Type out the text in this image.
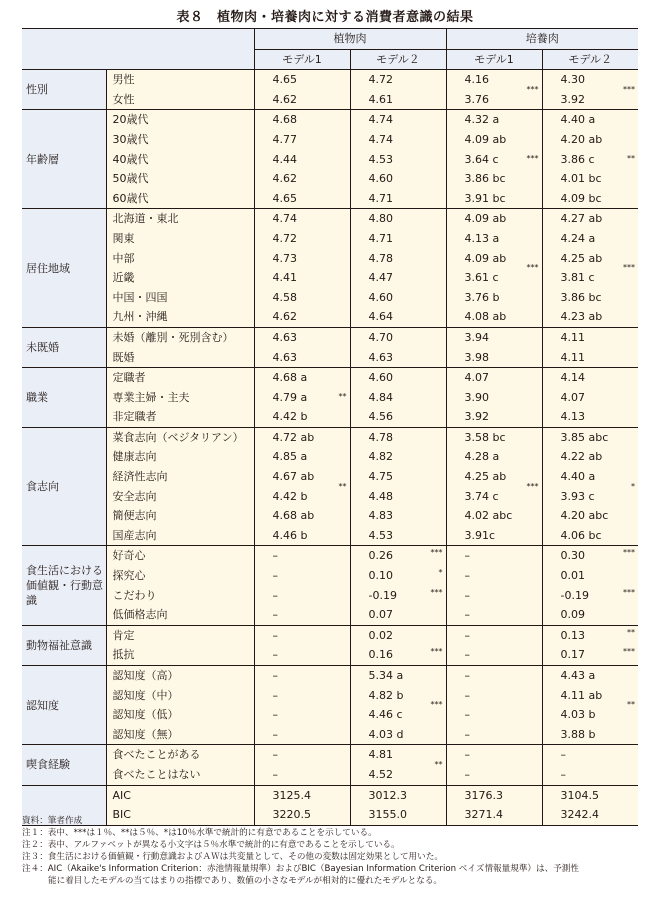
表８　植物肉・培養肉に対する消費者意識の結果
		植物肉				培養肉			
		モデル1		モデル２		モデル1		モデル２	
性別	男性	4.65		4.72		4.16	***	4.30	***
	女性	4.62		4.61		3.76		3.92	
年齢層	20歳代	4.68		4.74		4.32 a	***	4.40 a	**
	30歳代	4.77		4.74		4.09 ab		4.20 ab	
	40歳代	4.44		4.53		3.64 c		3.86 c	
	50歳代	4.62		4.60		3.86 bc		4.01 bc	
	60歳代	4.65		4.71		3.91 bc		4.09 bc	
居住地域	北海道・東北	4.74		4.80		4.09 ab	***	4.27 ab	***
	関東	4.72		4.71		4.13 a		4.24 a	
	中部	4.73		4.78		4.09 ab		4.25 ab	
	近畿	4.41		4.47		3.61 c		3.81 c	
	中国・四国	4.58		4.60		3.76 b		3.86 bc	
	九州・沖縄	4.62		4.64		4.08 ab		4.23 ab	
未既婚	未婚（離別・死別含む）	4.63		4.70		3.94		4.11	
	既婚	4.63		4.63		3.98		4.11	
職業	定職者	4.68 a	**	4.60		4.07		4.14	
	専業主婦・主夫	4.79 a		4.84		3.90		4.07	
	非定職者	4.42 b		4.56		3.92		4.13	
食志向	菜食志向（ベジタリアン）	4.72 ab	**	4.78		3.58 bc	***	3.85 abc	*
	健康志向	4.85 a		4.82		4.28 a		4.22 ab	
	経済性志向	4.67 ab		4.75		4.25 ab		4.40 a	
	安全志向	4.42 b		4.48		3.74 c		3.93 c	
	簡便志向	4.68 ab		4.83		4.02 abc		4.20 abc	
	国産志向	4.46 b		4.53		3.91c		4.06 bc	
食生活における価値観・行動意識	好奇心	–		0.26	***	–		0.30	***
	探究心	–		0.10	*	–		0.01	
	こだわり	–		-0.19	***	–		-0.19	***
	低価格志向	–		0.07		–		0.09	
動物福祉意識	肯定	–		0.02		–		0.13	**
	抵抗	–		0.16	***	–		0.17	***
認知度	認知度（高）	–		5.34 a	***	–		4.43 a	**
	認知度（中）	–		4.82 b		–		4.11 ab	
	認知度（低）	–		4.46 c		–		4.03 b	
	認知度（無）	–		4.03 d		–		3.88 b	
喫食経験	食べたことがある	–		4.81	**	–		–	
	食べたことはない	–		4.52		–		–	
	AIC	3125.4		3012.3		3176.3		3104.5	
	BIC	3220.5		3155.0		3271.4		3242.4	
資料：筆者作成
注１：表中、***は１％、**は５％、*は10％水準で統計的に有意であることを示している。
注２：表中、アルファベットが異なる小文字は５％水準で統計的に有意であることを示している。
注３：食生活における価値観・行動意識およびＡＷは共変量として、その他の変数は固定効果として用いた。
注４：AIC（Akaike's Information Criterion：赤池情報量規準）およびBIC（Bayesian Information Criterion ベイズ情報量規準）は、予測性
能に着目したモデルの当てはまりの指標であり、数値の小さなモデルが相対的に優れたモデルとなる。
